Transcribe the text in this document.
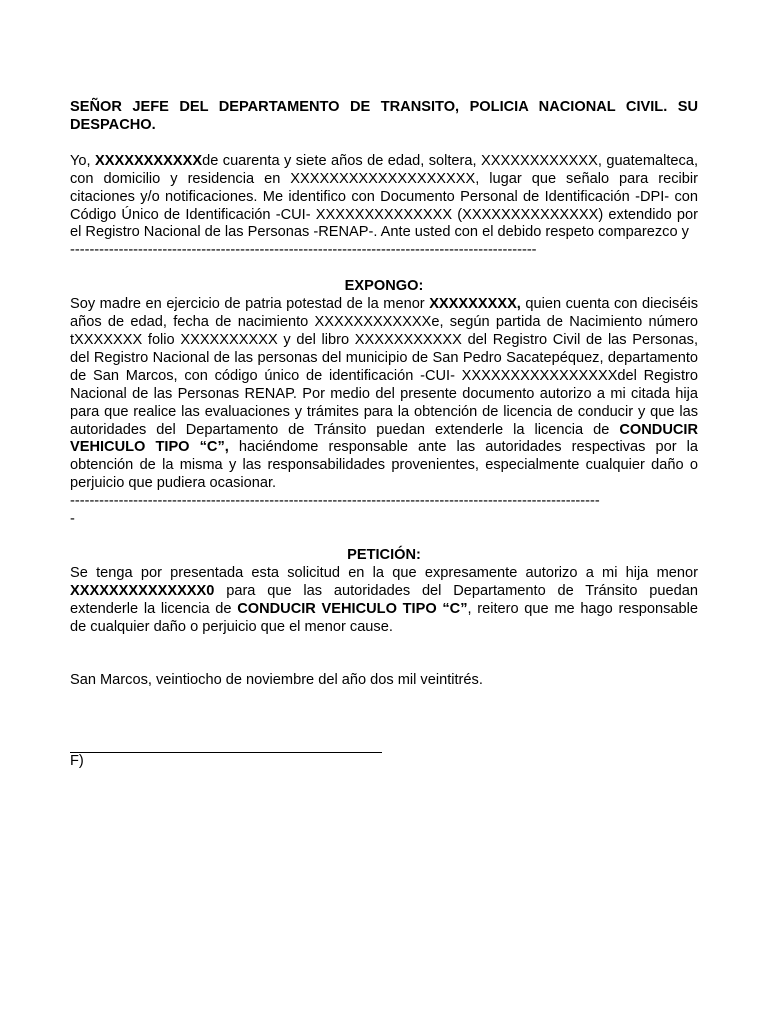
SEÑOR JEFE DEL DEPARTAMENTO DE TRANSITO, POLICIA NACIONAL CIVIL. SU DESPACHO.

Yo, XXXXXXXXXXXde cuarenta y siete años de edad, soltera, XXXXXXXXXXXX, guatemalteca, con domicilio y residencia en XXXXXXXXXXXXXXXXXXX, lugar que señalo para recibir citaciones y/o notificaciones. Me identifico con Documento Personal de Identificación -DPI- con Código Único de Identificación -CUI- XXXXXXXXXXXXXX (XXXXXXXXXXXXXX) extendido por el Registro Nacional de las Personas -RENAP-. Ante usted con el debido respeto comparezco y

------------------------------------------------------------------------------------------------

EXPONGO:

Soy madre en ejercicio de patria potestad de la menor XXXXXXXXX, quien cuenta con dieciséis años de edad, fecha de nacimiento XXXXXXXXXXXXe, según partida de Nacimiento número tXXXXXXX folio XXXXXXXXXX y del libro XXXXXXXXXXX del Registro Civil de las Personas, del Registro Nacional de las personas del municipio de San Pedro Sacatepéquez, departamento de San Marcos, con código único de identificación -CUI- XXXXXXXXXXXXXXXXdel Registro Nacional de las Personas RENAP. Por medio del presente documento autorizo a mi citada hija para que realice las evaluaciones y trámites para la obtención de licencia de conducir y que las autoridades del Departamento de Tránsito puedan extenderle la licencia de CONDUCIR VEHICULO TIPO “C”, haciéndome responsable ante las autoridades respectivas por la obtención de la misma y las responsabilidades provenientes, especialmente cualquier daño o perjuicio que pudiera ocasionar.

-------------------------------------------------------------------------------------------------------------

-

PETICIÓN:

Se tenga por presentada esta solicitud en la que expresamente autorizo a mi hija menor XXXXXXXXXXXXXX0 para que las autoridades del Departamento de Tránsito puedan extenderle la licencia de CONDUCIR VEHICULO TIPO “C”, reitero que me hago responsable de cualquier daño o perjuicio que el menor cause.

San Marcos, veintiocho de noviembre del año dos mil veintitrés.

F)
